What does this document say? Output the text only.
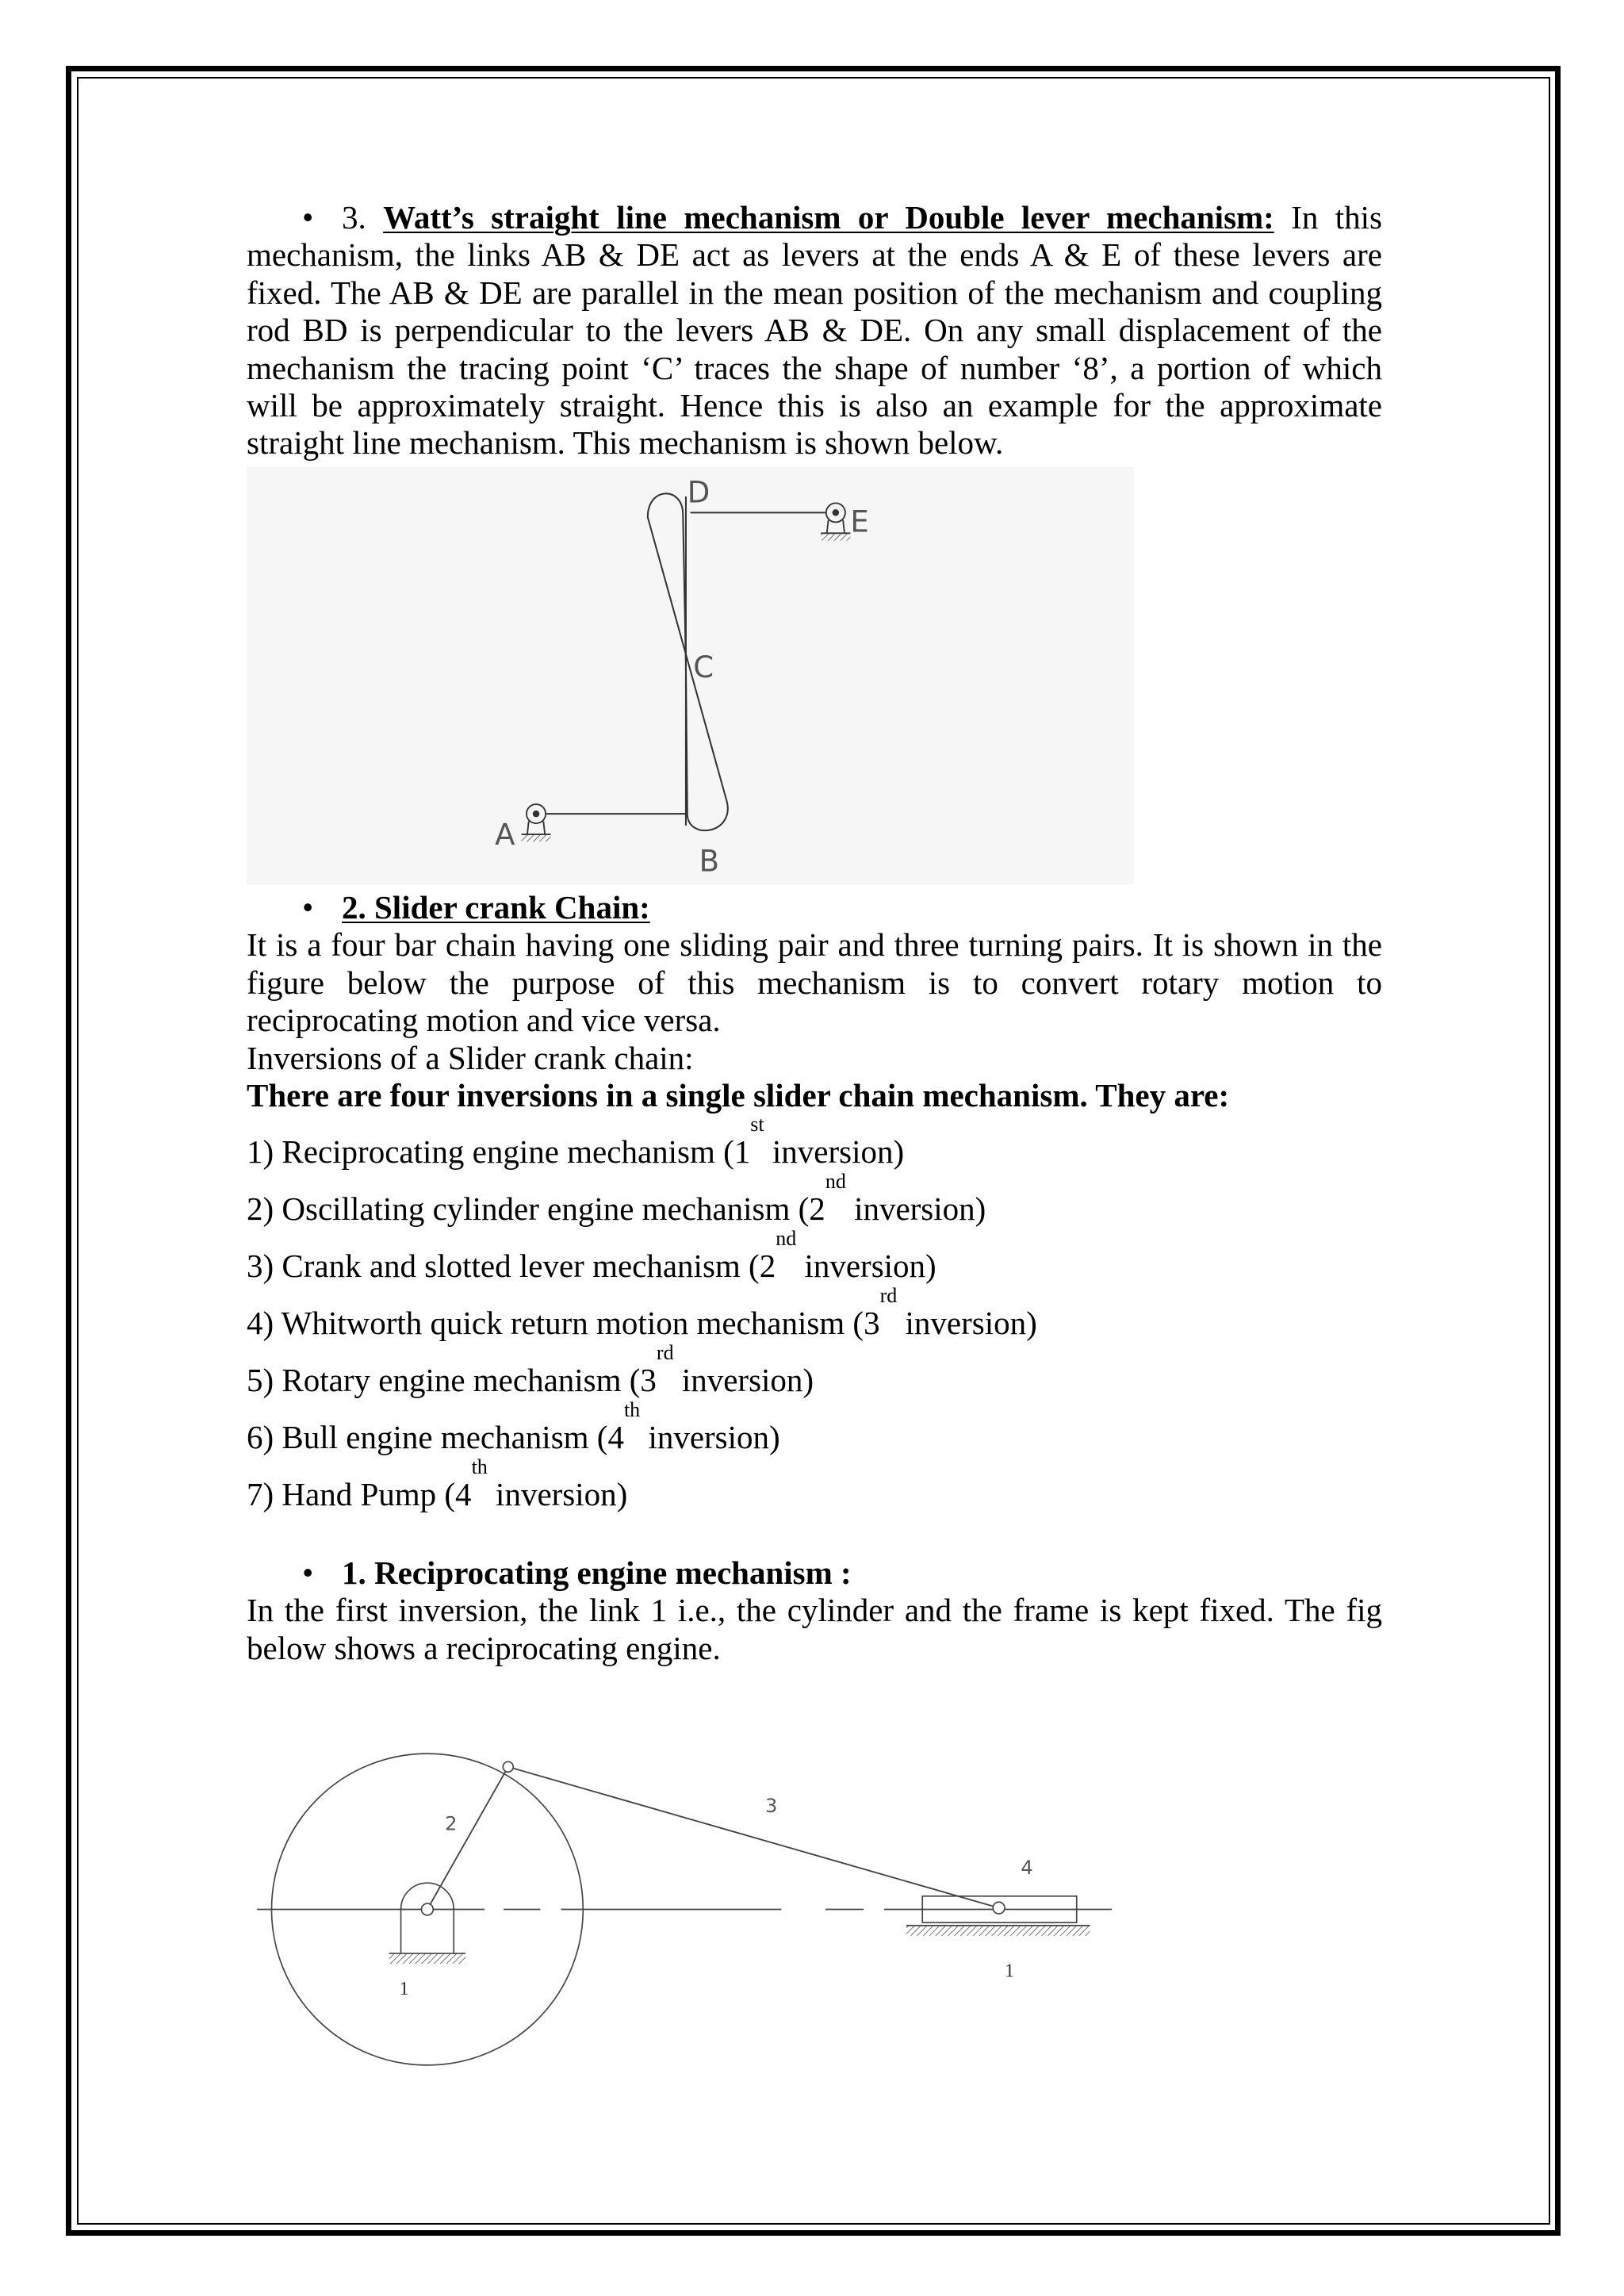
• 3. Watt’s straight line mechanism or Double lever mechanism: In this
mechanism, the links AB & DE act as levers at the ends A & E of these levers are
fixed. The AB & DE are parallel in the mean position of the mechanism and coupling
rod BD is perpendicular to the levers AB & DE. On any small displacement of the
mechanism the tracing point ‘C’ traces the shape of number ‘8’, a portion of which
will be approximately straight. Hence this is also an example for the approximate
straight line mechanism. This mechanism is shown below.
D
E
C
A
B
• 2. Slider crank Chain:
It is a four bar chain having one sliding pair and three turning pairs. It is shown in the
figure below the purpose of this mechanism is to convert rotary motion to
reciprocating motion and vice versa.
Inversions of a Slider crank chain:
There are four inversions in a single slider chain mechanism. They are:
1) Reciprocating engine mechanism (1st inversion)
2) Oscillating cylinder engine mechanism (2nd inversion)
3) Crank and slotted lever mechanism (2nd inversion)
4) Whitworth quick return motion mechanism (3rd inversion)
5) Rotary engine mechanism (3rd inversion)
6) Bull engine mechanism (4th inversion)
7) Hand Pump (4th inversion)
• 1. Reciprocating engine mechanism :
In the first inversion, the link 1 i.e., the cylinder and the frame is kept fixed. The fig
below shows a reciprocating engine.
1
2
3
4
1
